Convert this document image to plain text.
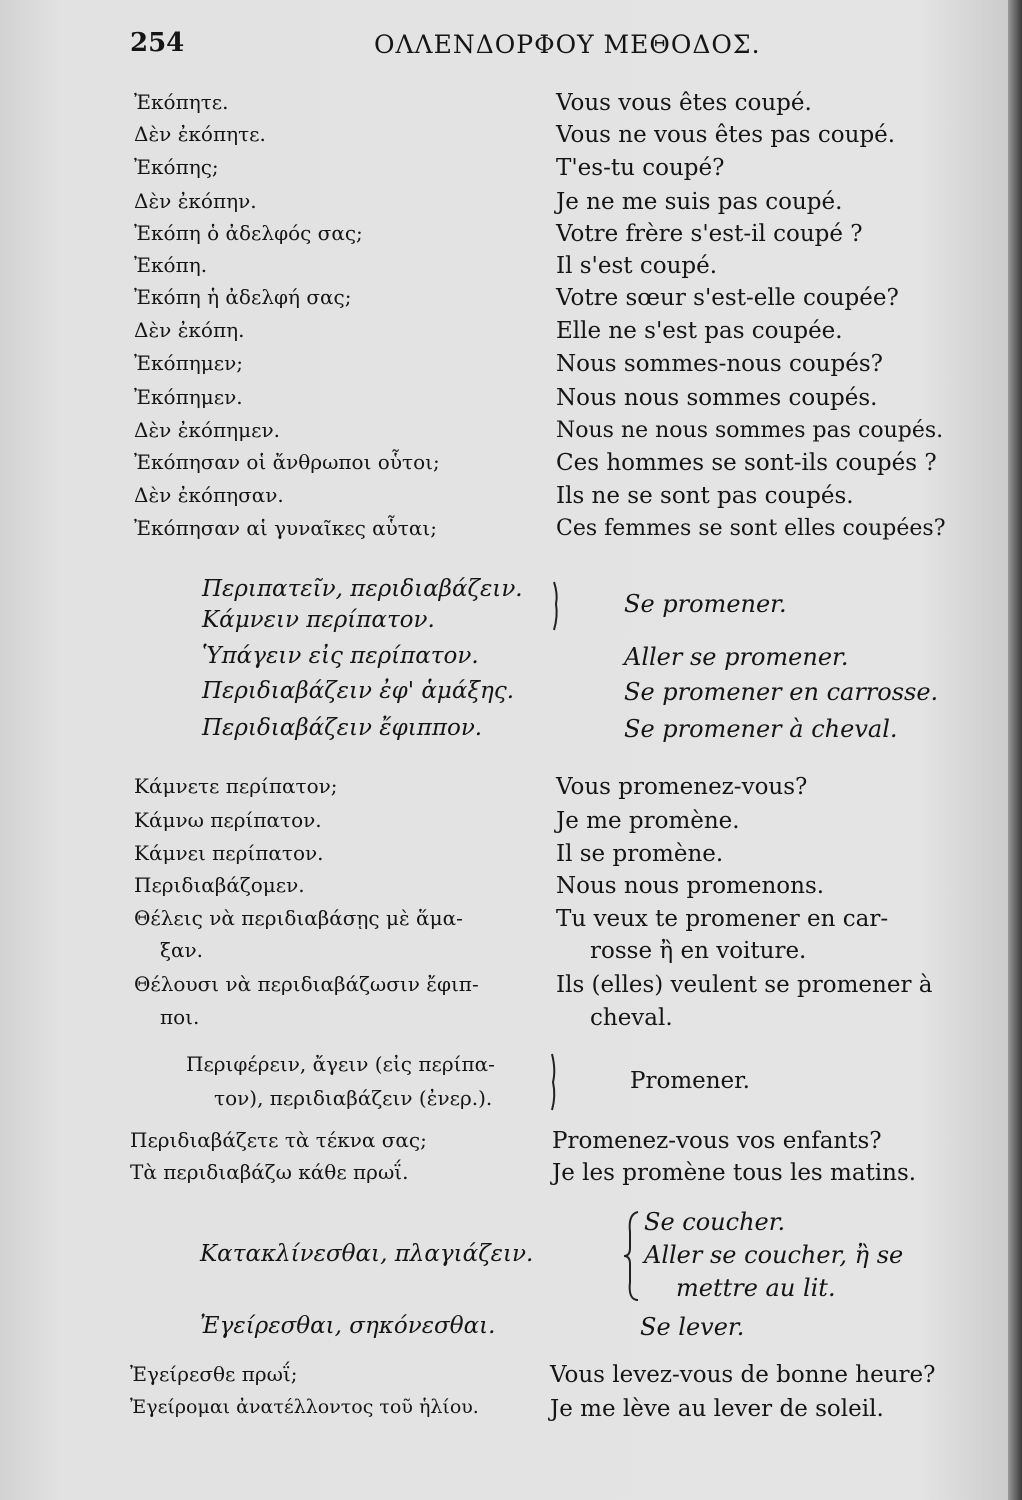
254	ΟΛΛΕΝΔΟΡΦΟΥ ΜΕΘΟΔΟΣ.
Ἐκόπητε.	Vous vous êtes coupé.
Δὲν ἐκόπητε.	Vous ne vous êtes pas coupé.
Ἐκόπης;	T'es-tu coupé?
Δὲν ἐκόπην.	Je ne me suis pas coupé.
Ἐκόπη ὁ ἀδελφός σας;	Votre frère s'est-il coupé ?
Ἐκόπη.	Il s'est coupé.
Ἐκόπη ἡ ἀδελφή σας;	Votre sœur s'est-elle coupée?
Δὲν ἐκόπη.	Elle ne s'est pas coupée.
Ἐκόπημεν;	Nous sommes-nous coupés?
Ἐκόπημεν.	Nous nous sommes coupés.
Δὲν ἐκόπημεν.	Nous ne nous sommes pas coupés.
Ἐκόπησαν οἱ ἄνθρωποι οὗτοι;	Ces hommes se sont-ils coupés ?
Δὲν ἐκόπησαν.	Ils ne se sont pas coupés.
Ἐκόπησαν αἱ γυναῖκες αὗται;	Ces femmes se sont elles coupées?
Περιπατεῖν, περιδιαβάζειν.
Κάμνειν περίπατον.
Se promener.
Ὑπάγειν εἰς περίπατον.	Aller se promener.
Περιδιαβάζειν ἐφ' ἁμάξης.	Se promener en carrosse.
Περιδιαβάζειν ἔφιππον.	Se promener à cheval.
Κάμνετε περίπατον;	Vous promenez-vous?
Κάμνω περίπατον.	Je me promène.
Κάμνει περίπατον.	Il se promène.
Περιδιαβάζομεν.	Nous nous promenons.
Θέλεις νὰ περιδιαβάσῃς μὲ ἅμα-	Tu veux te promener en car-
ξαν.	rosse ἢ en voiture.
Θέλουσι νὰ περιδιαβάζωσιν ἔφιπ-	Ils (elles) veulent se promener à
ποι.	cheval.
Περιφέρειν, ἄγειν (εἰς περίπα-
τον), περιδιαβάζειν (ἐνερ.).
Promener.
Περιδιαβάζετε τὰ τέκνα σας;	Promenez-vous vos enfants?
Τὰ περιδιαβάζω κάθε πρωΐ.	Je les promène tous les matins.
Se coucher.
Κατακλίνεσθαι, πλαγιάζειν.	Aller se coucher, ἢ se
mettre au lit.
Ἐγείρεσθαι, σηκόνεσθαι.	Se lever.
Ἐγείρεσθε πρωΐ;	Vous levez-vous de bonne heure?
Ἐγείρομαι ἀνατέλλοντος τοῦ ἡλίου.	Je me lève au lever de soleil.
